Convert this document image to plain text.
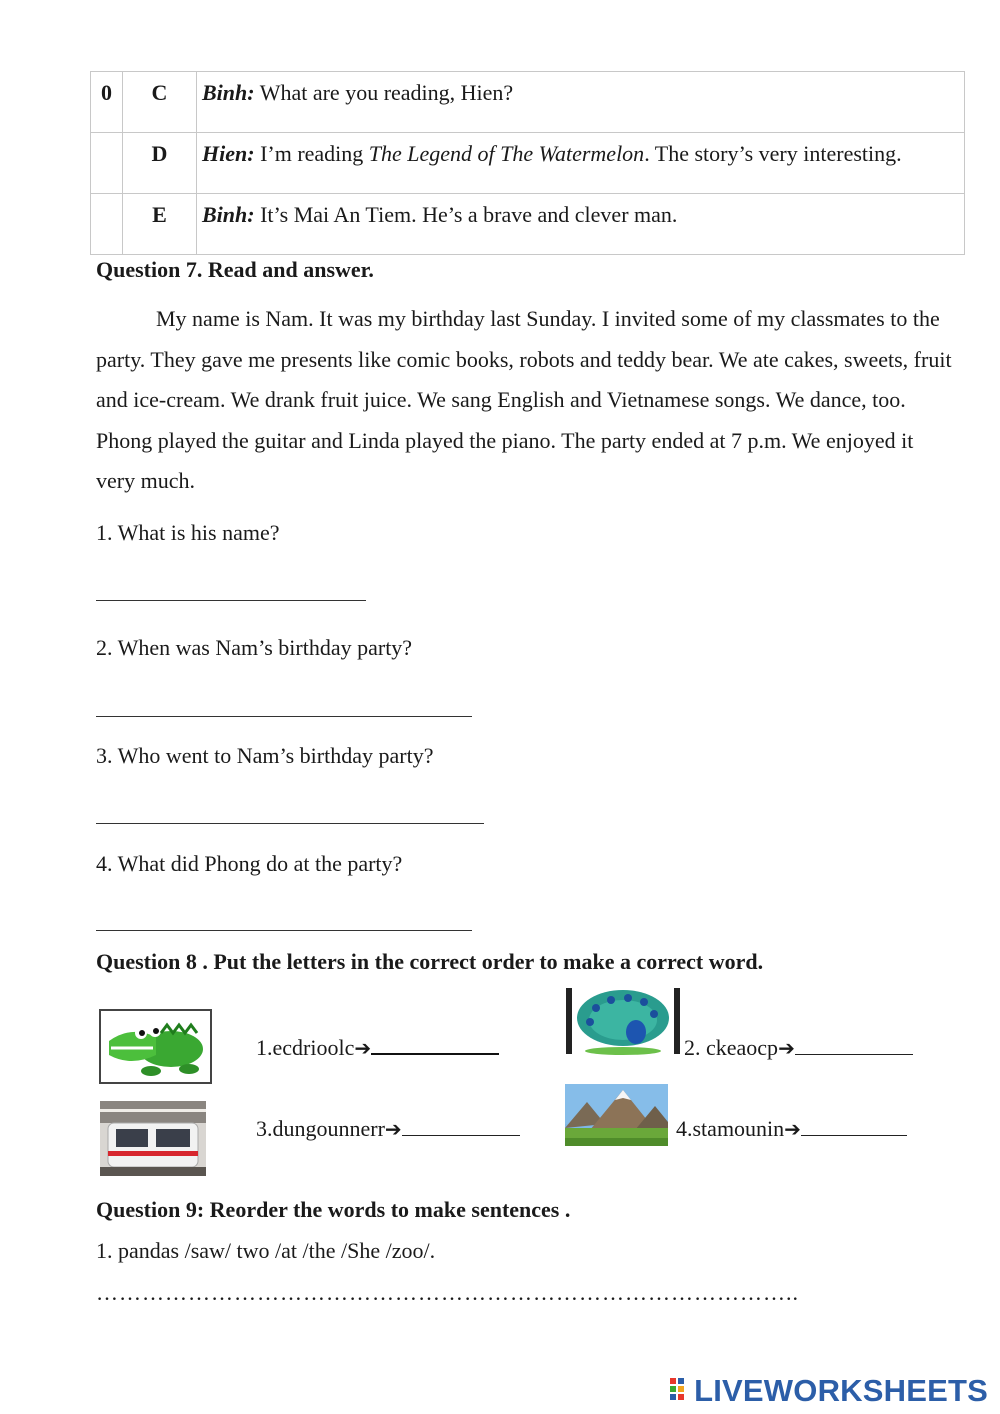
0	C	Binh: What are you reading, Hien?
	D	Hien: I’m reading The Legend of The Watermelon. The story’s very interesting.
	E	Binh: It’s Mai An Tiem. He’s a brave and clever man.
Question 7. Read and answer.
My name is Nam. It was my birthday last Sunday. I invited some of my classmates to the party. They gave me presents like comic books, robots and teddy bear. We ate cakes, sweets, fruit and ice-cream. We drank fruit juice. We sang English and Vietnamese songs. We dance, too. Phong played the guitar and Linda played the piano. The party ended at 7 p.m. We enjoyed it very much.
1. What is his name?
2. When was Nam’s birthday party?
3. Who went to Nam’s birthday party?
4. What did Phong do at the party?
Question 8 . Put the letters in the correct order to make a correct word.
1.ecdrioolc➔	2. ckeaocp➔
3.dungounnerr➔	4.stamounin➔
Question 9: Reorder the words to make sentences .
1. pandas /saw/ two /at /the /She /zoo/.
………………………………………………………………………………..
LIVEWORKSHEETS
